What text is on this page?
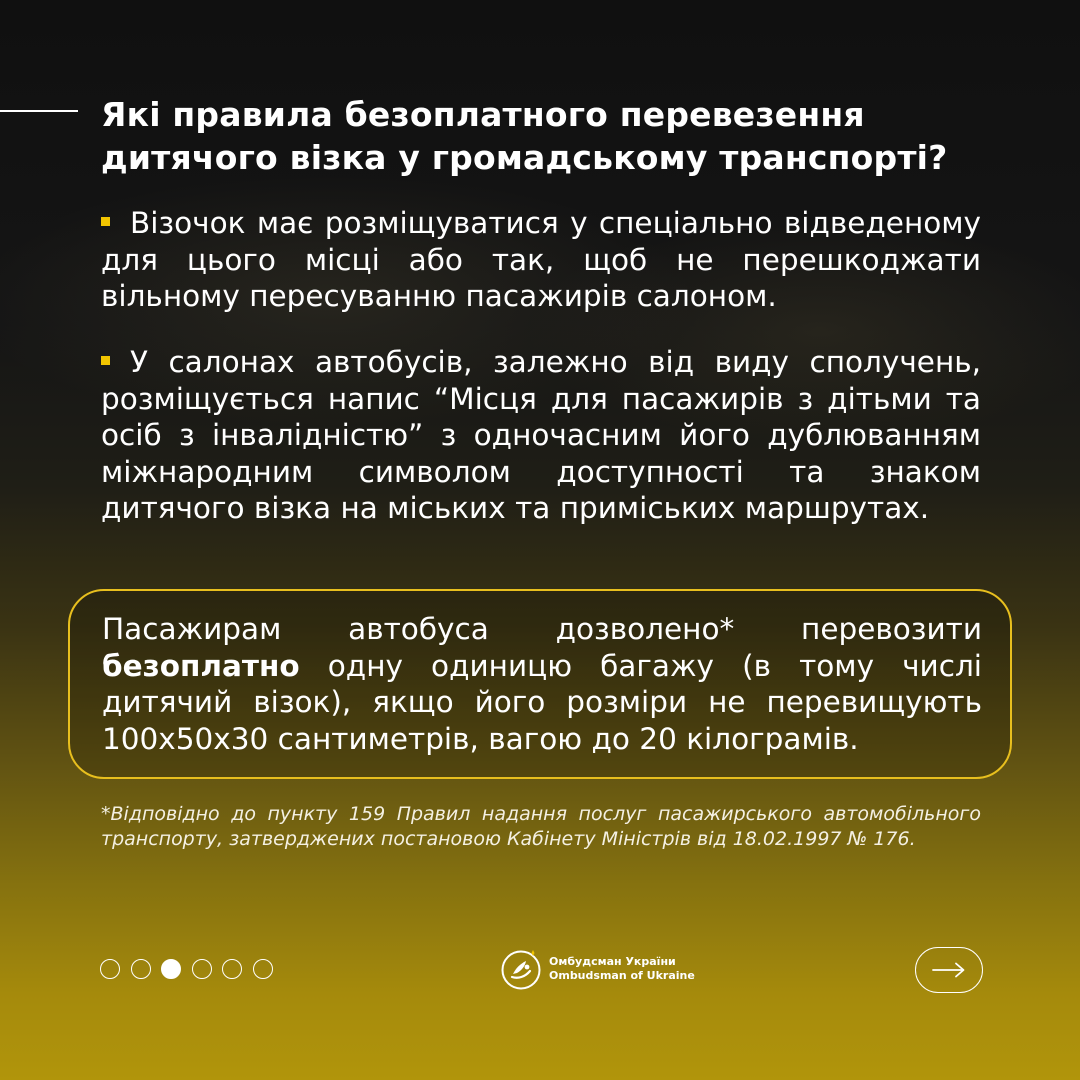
Які правила безоплатного перевезення дитячого візка у громадському транспорті?

Візочок має розміщуватися у спеціально відведеному для цього місці або так, щоб не перешкоджати вільному пересуванню пасажирів салоном.

У салонах автобусів, залежно від виду сполучень, розміщується напис “Місця для пасажирів з дітьми та осіб з інвалідністю” з одночасним його дублюванням міжнародним символом доступності та знаком дитячого візка на міських та приміських маршрутах.

Пасажирам автобуса дозволено* перевозити безоплатно одну одиницю багажу (в тому числі дитячий візок), якщо його розміри не перевищують 100х50х30 сантиметрів, вагою до 20 кілограмів.

*Відповідно до пункту 159 Правил надання послуг пасажирського автомобільного транспорту, затверджених постановою Кабінету Міністрів від 18.02.1997 № 176.

Омбудсман України
Ombudsman of Ukraine
